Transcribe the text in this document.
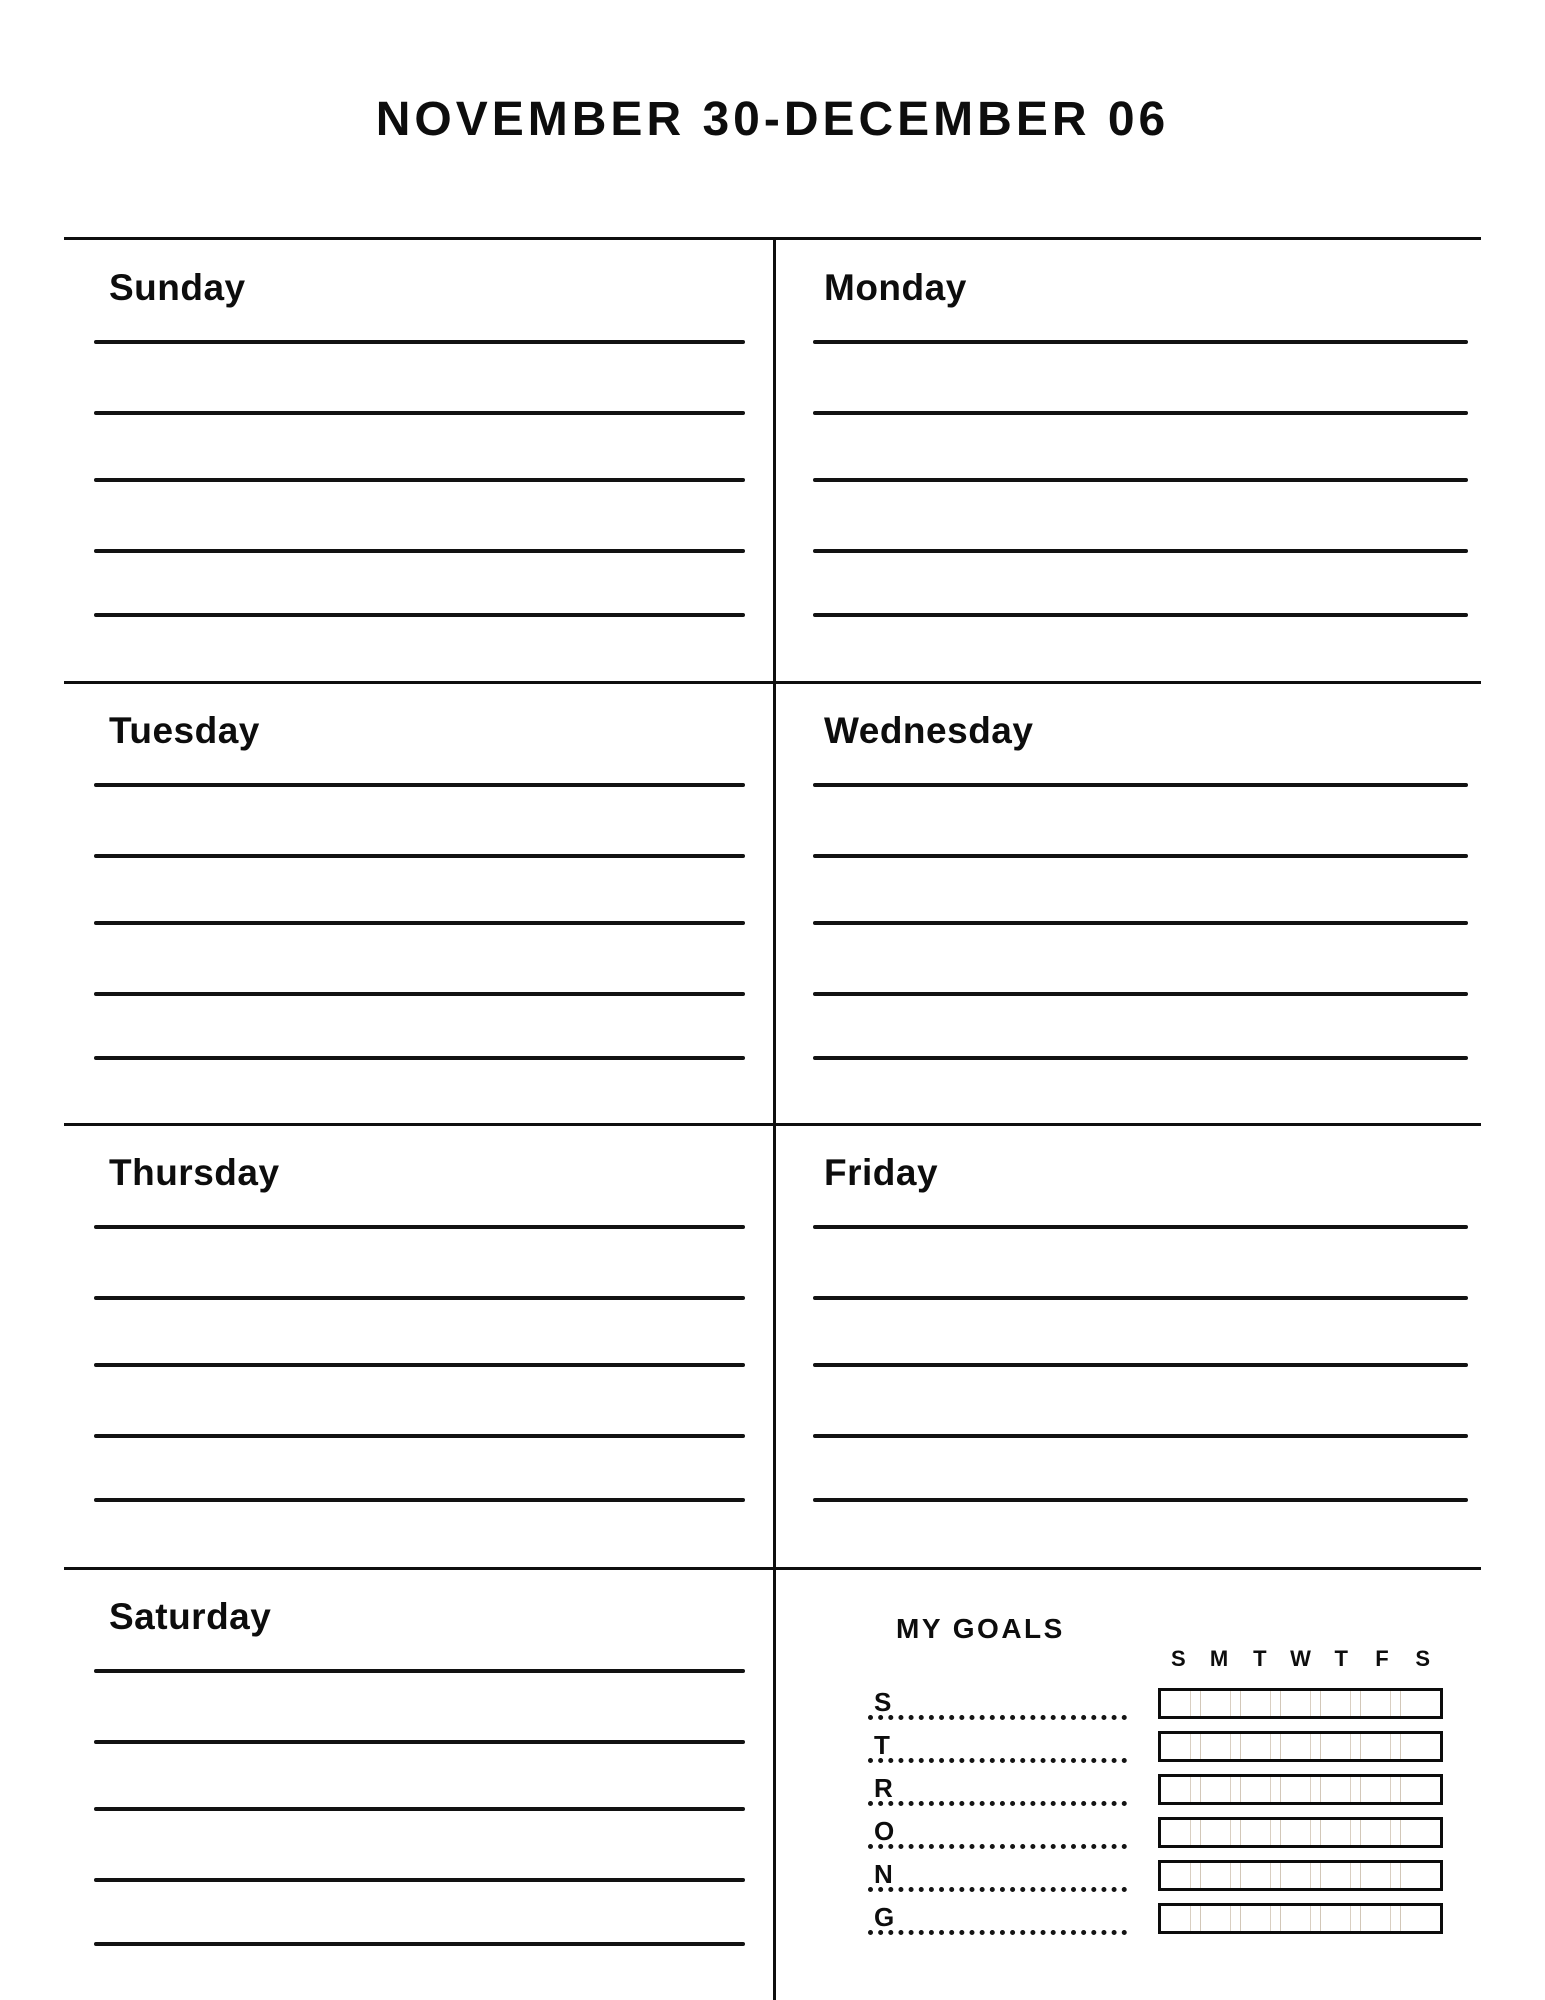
NOVEMBER 30-DECEMBER 06
Sunday	Monday
Tuesday	Wednesday
Thursday	Friday
Saturday	MY GOALS
S	M	T	W	T	F	S
S
T
R
O
N
G
